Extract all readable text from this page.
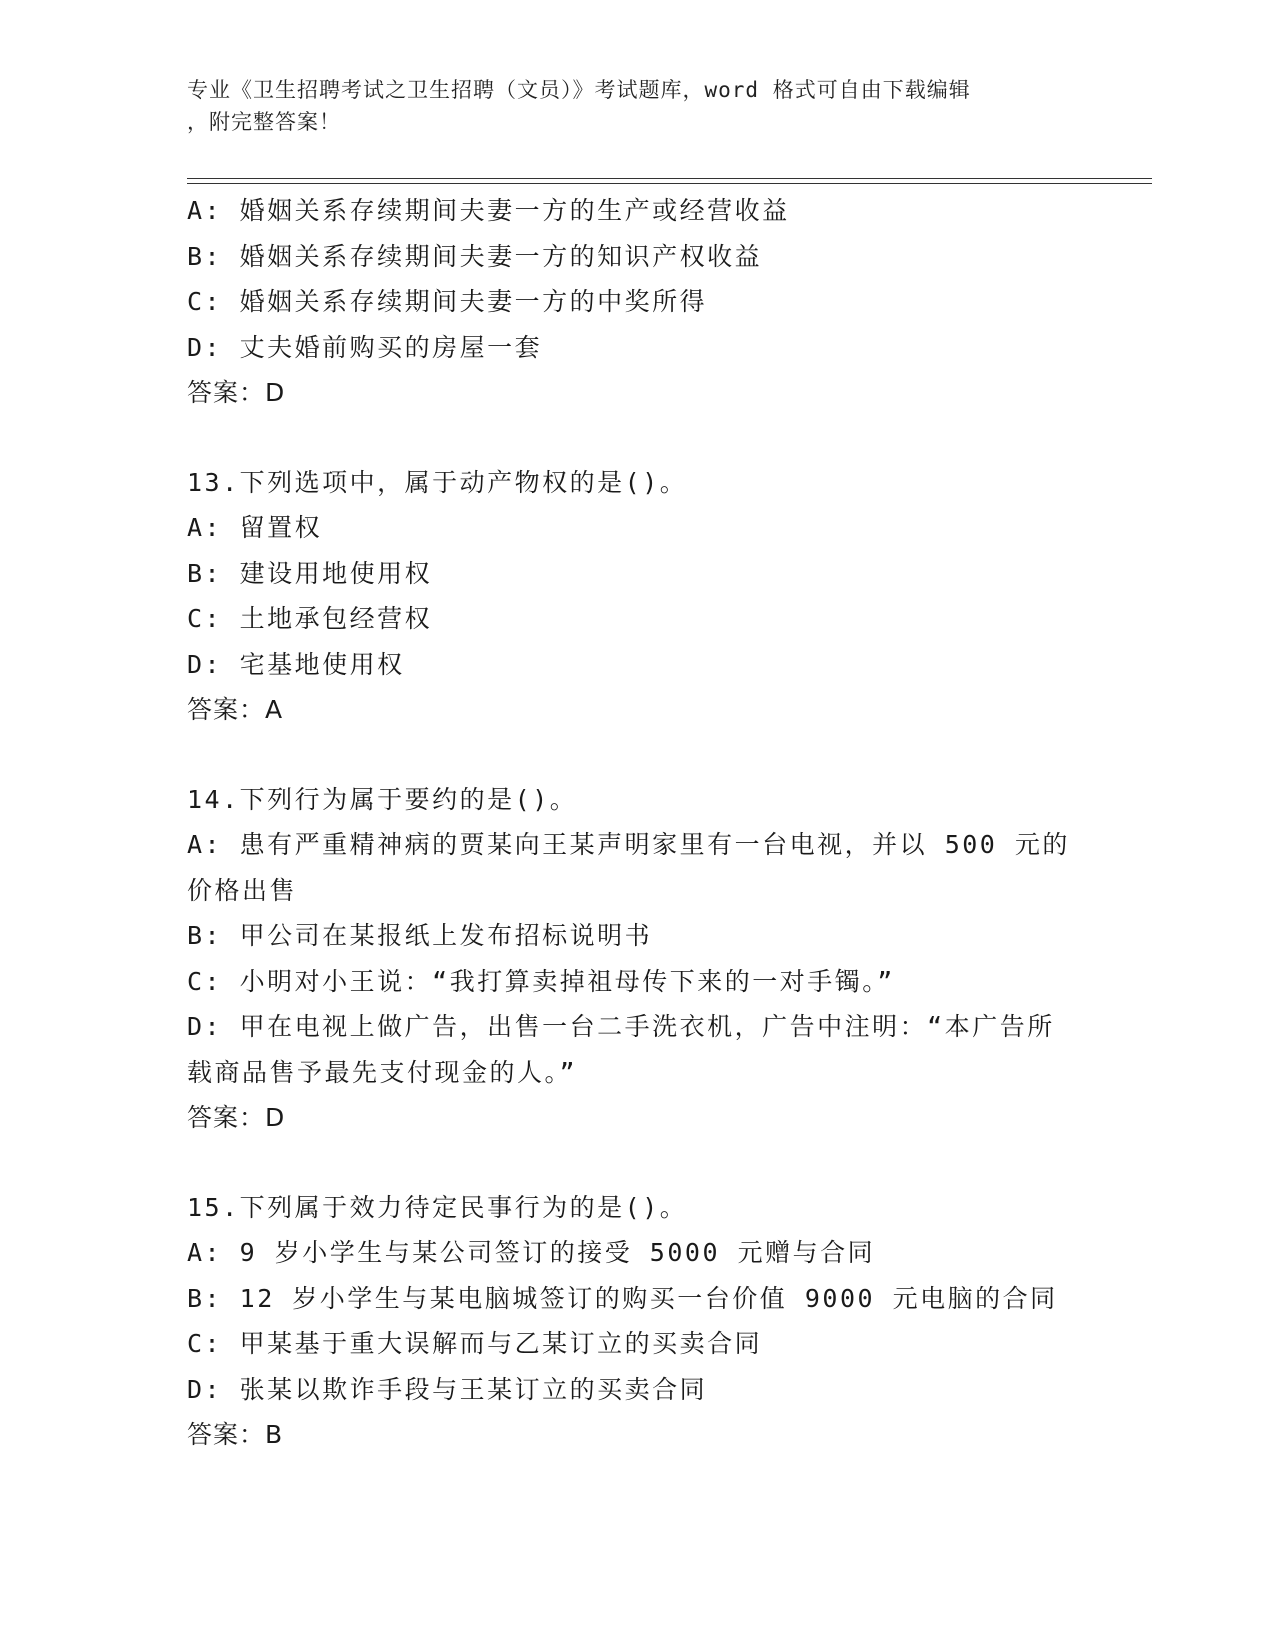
专业《卫生招聘考试之卫生招聘（文员）》考试题库，word 格式可自由下载编辑
，附完整答案！
A: 婚姻关系存续期间夫妻一方的生产或经营收益
B: 婚姻关系存续期间夫妻一方的知识产权收益
C: 婚姻关系存续期间夫妻一方的中奖所得
D: 丈夫婚前购买的房屋一套
答案：D
13.下列选项中，属于动产物权的是()。
A: 留置权
B: 建设用地使用权
C: 土地承包经营权
D: 宅基地使用权
答案：A
14.下列行为属于要约的是()。
A: 患有严重精神病的贾某向王某声明家里有一台电视，并以 500 元的价格出售
B: 甲公司在某报纸上发布招标说明书
C: 小明对小王说：“我打算卖掉祖母传下来的一对手镯。”
D: 甲在电视上做广告，出售一台二手洗衣机，广告中注明：“本广告所载商品售予最先支付现金的人。”
答案：D
15.下列属于效力待定民事行为的是()。
A: 9 岁小学生与某公司签订的接受 5000 元赠与合同
B: 12 岁小学生与某电脑城签订的购买一台价值 9000 元电脑的合同
C: 甲某基于重大误解而与乙某订立的买卖合同
D: 张某以欺诈手段与王某订立的买卖合同
答案：B
